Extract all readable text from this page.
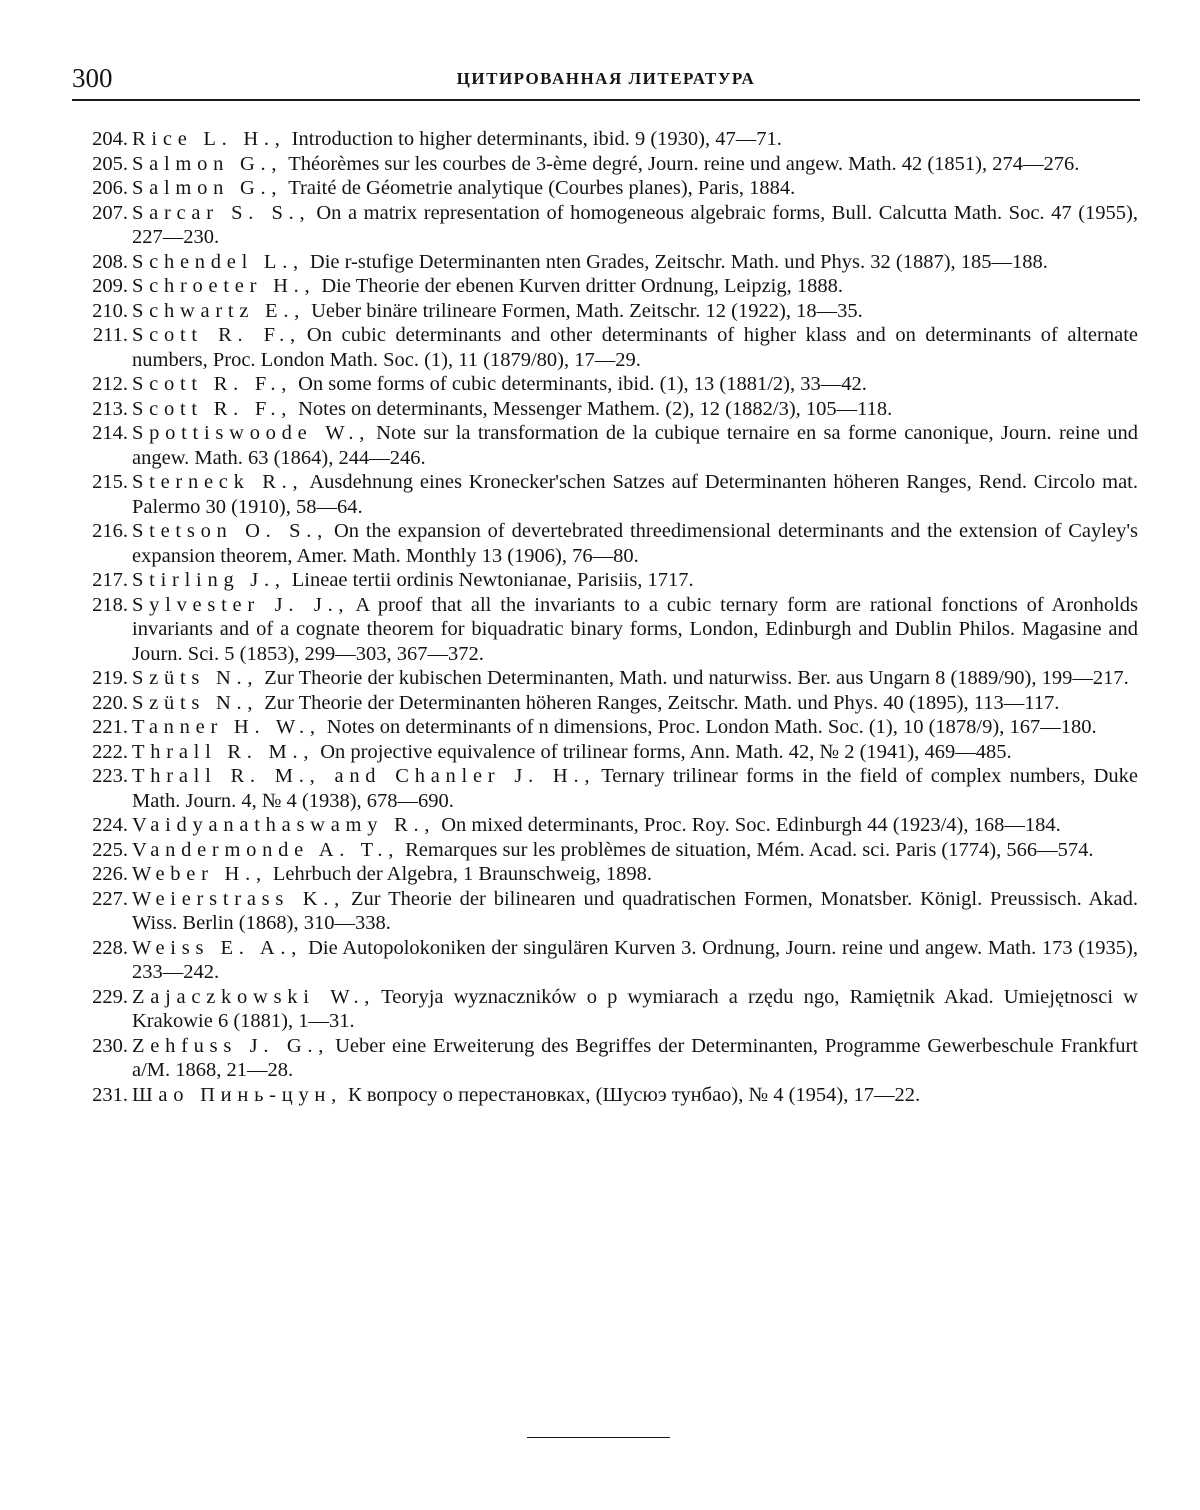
300	ЦИТИРОВАННАЯ ЛИТЕРАТУРА
204. Rice L. H., Introduction to higher determinants, ibid. 9 (1930), 47—71.
205. Salmon G., Théorèmes sur les courbes de 3-ème degré, Journ. reine und angew. Math. 42 (1851), 274—276.
206. Salmon G., Traité de Géometrie analytique (Courbes planes), Paris, 1884.
207. Sarcar S. S., On a matrix representation of homogeneous algebraic forms, Bull. Calcutta Math. Soc. 47 (1955), 227—230.
208. Schendel L., Die r-stufige Determinanten nten Grades, Zeitschr. Math. und Phys. 32 (1887), 185—188.
209. Schroeter H., Die Theorie der ebenen Kurven dritter Ordnung, Leipzig, 1888.
210. Schwartz E., Ueber binäre trilineare Formen, Math. Zeitschr. 12 (1922), 18—35.
211. Scott R. F., On cubic determinants and other determinants of higher klass and on determinants of alternate numbers, Proc. London Math. Soc. (1), 11 (1879/80), 17—29.
212. Scott R. F., On some forms of cubic determinants, ibid. (1), 13 (1881/2), 33—42.
213. Scott R. F., Notes on determinants, Messenger Mathem. (2), 12 (1882/3), 105—118.
214. Spottiswoode W., Note sur la transformation de la cubique ternaire en sa forme canonique, Journ. reine und angew. Math. 63 (1864), 244—246.
215. Sterneck R., Ausdehnung eines Kronecker'schen Satzes auf Determinanten höheren Ranges, Rend. Circolo mat. Palermo 30 (1910), 58—64.
216. Stetson O. S., On the expansion of devertebrated threedimensional determinants and the extension of Cayley's expansion theorem, Amer. Math. Monthly 13 (1906), 76—80.
217. Stirling J., Lineae tertii ordinis Newtonianae, Parisiis, 1717.
218. Sylvester J. J., A proof that all the invariants to a cubic ternary form are rational fonctions of Aronholds invariants and of a cognate theorem for biquadratic binary forms, London, Edinburgh and Dublin Philos. Magasine and Journ. Sci. 5 (1853), 299—303, 367—372.
219. Szüts N., Zur Theorie der kubischen Determinanten, Math. und naturwiss. Ber. aus Ungarn 8 (1889/90), 199—217.
220. Szüts N., Zur Theorie der Determinanten höheren Ranges, Zeitschr. Math. und Phys. 40 (1895), 113—117.
221. Tanner H. W., Notes on determinants of n dimensions, Proc. London Math. Soc. (1), 10 (1878/9), 167—180.
222. Thrall R. M., On projective equivalence of trilinear forms, Ann. Math. 42, № 2 (1941), 469—485.
223. Thrall R. M., and Chanler J. H., Ternary trilinear forms in the field of complex numbers, Duke Math. Journ. 4, № 4 (1938), 678—690.
224. Vaidyanathaswamy R., On mixed determinants, Proc. Roy. Soc. Edinburgh 44 (1923/4), 168—184.
225. Vandermonde A. T., Remarques sur les problèmes de situation, Mém. Acad. sci. Paris (1774), 566—574.
226. Weber H., Lehrbuch der Algebra, 1 Braunschweig, 1898.
227. Weierstrass K., Zur Theorie der bilinearen und quadratischen Formen, Monatsber. Königl. Preussisch. Akad. Wiss. Berlin (1868), 310—338.
228. Weiss E. A., Die Autopolokoniken der singulären Kurven 3. Ordnung, Journ. reine und angew. Math. 173 (1935), 233—242.
229. Zajaczkowski W., Teoryja wyznaczników o p wymiarach a rzędu ngo, Ramiętnik Akad. Umiejętnosci w Krakowie 6 (1881), 1—31.
230. Zehfuss J. G., Ueber eine Erweiterung des Begriffes der Determinanten, Programme Gewerbeschule Frankfurt a/M. 1868, 21—28.
231. Шао Пинь-цун, К вопросу о перестановках, (Шусюэ тунбао), № 4 (1954), 17—22.
